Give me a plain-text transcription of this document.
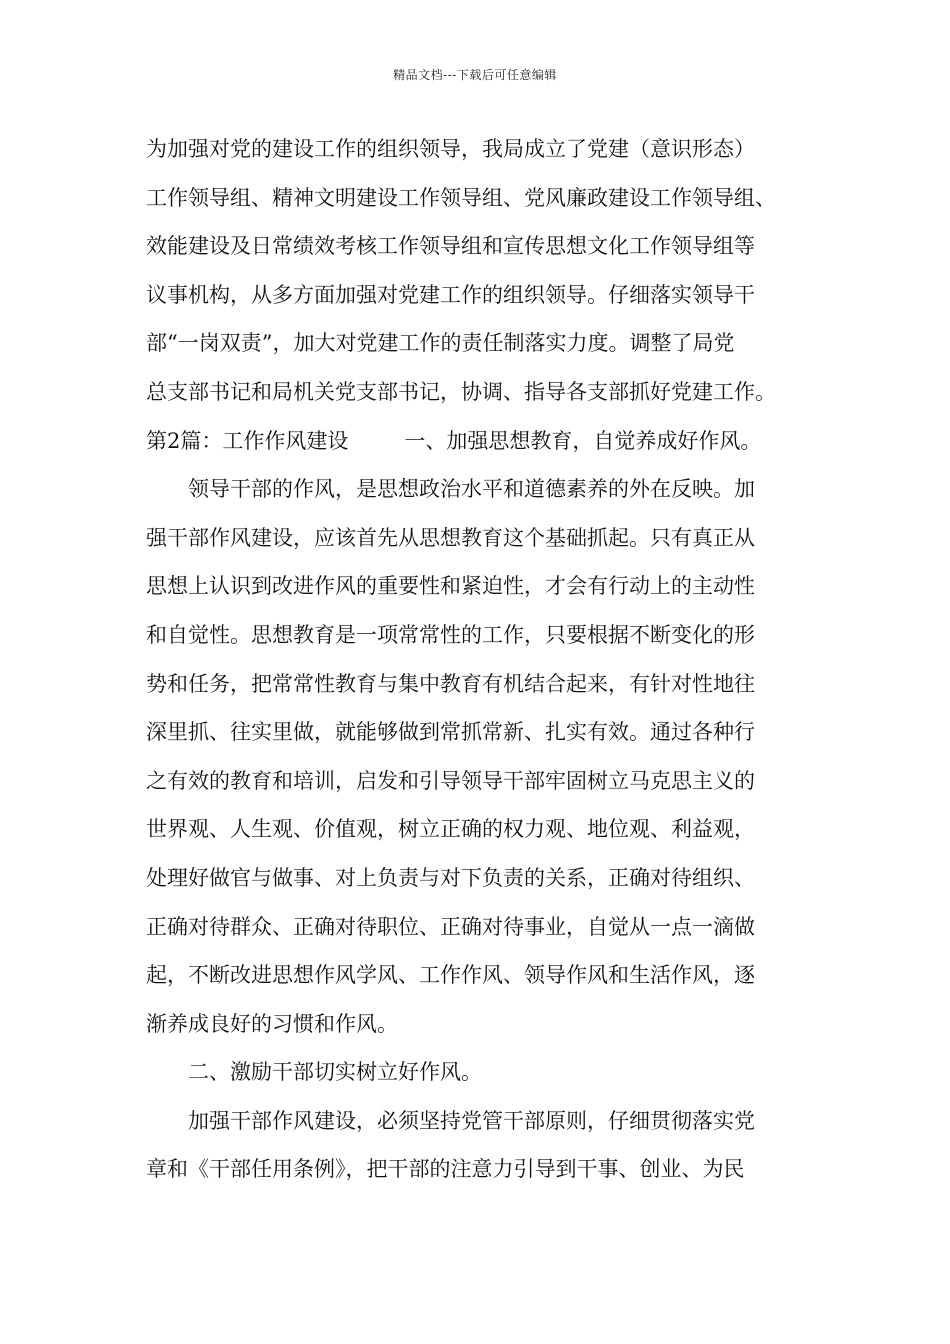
精品文档---下载后可任意编辑
为加强对党的建设工作的组织领导，我局成立了党建（意识形态）
工作领导组、精神文明建设工作领导组、党风廉政建设工作领导组、
效能建设及日常绩效考核工作领导组和宣传思想文化工作领导组等
议事机构，从多方面加强对党建工作的组织领导。仔细落实领导干
部“一岗双责”，加大对党建工作的责任制落实力度。调整了局党
总支部书记和局机关党支部书记，协调、指导各支部抓好党建工作。
第2篇：工作作风建设	一、加强思想教育，自觉养成好作风。
领导干部的作风，是思想政治水平和道德素养的外在反映。加
强干部作风建设，应该首先从思想教育这个基础抓起。只有真正从
思想上认识到改进作风的重要性和紧迫性，才会有行动上的主动性
和自觉性。思想教育是一项常常性的工作，只要根据不断变化的形
势和任务，把常常性教育与集中教育有机结合起来，有针对性地往
深里抓、往实里做，就能够做到常抓常新、扎实有效。通过各种行
之有效的教育和培训，启发和引导领导干部牢固树立马克思主义的
世界观、人生观、价值观，树立正确的权力观、地位观、利益观，
处理好做官与做事、对上负责与对下负责的关系，正确对待组织、
正确对待群众、正确对待职位、正确对待事业，自觉从一点一滴做
起，不断改进思想作风学风、工作作风、领导作风和生活作风，逐
渐养成良好的习惯和作风。
二、激励干部切实树立好作风。
加强干部作风建设，必须坚持党管干部原则，仔细贯彻落实党
章和《干部任用条例》，把干部的注意力引导到干事、创业、为民
